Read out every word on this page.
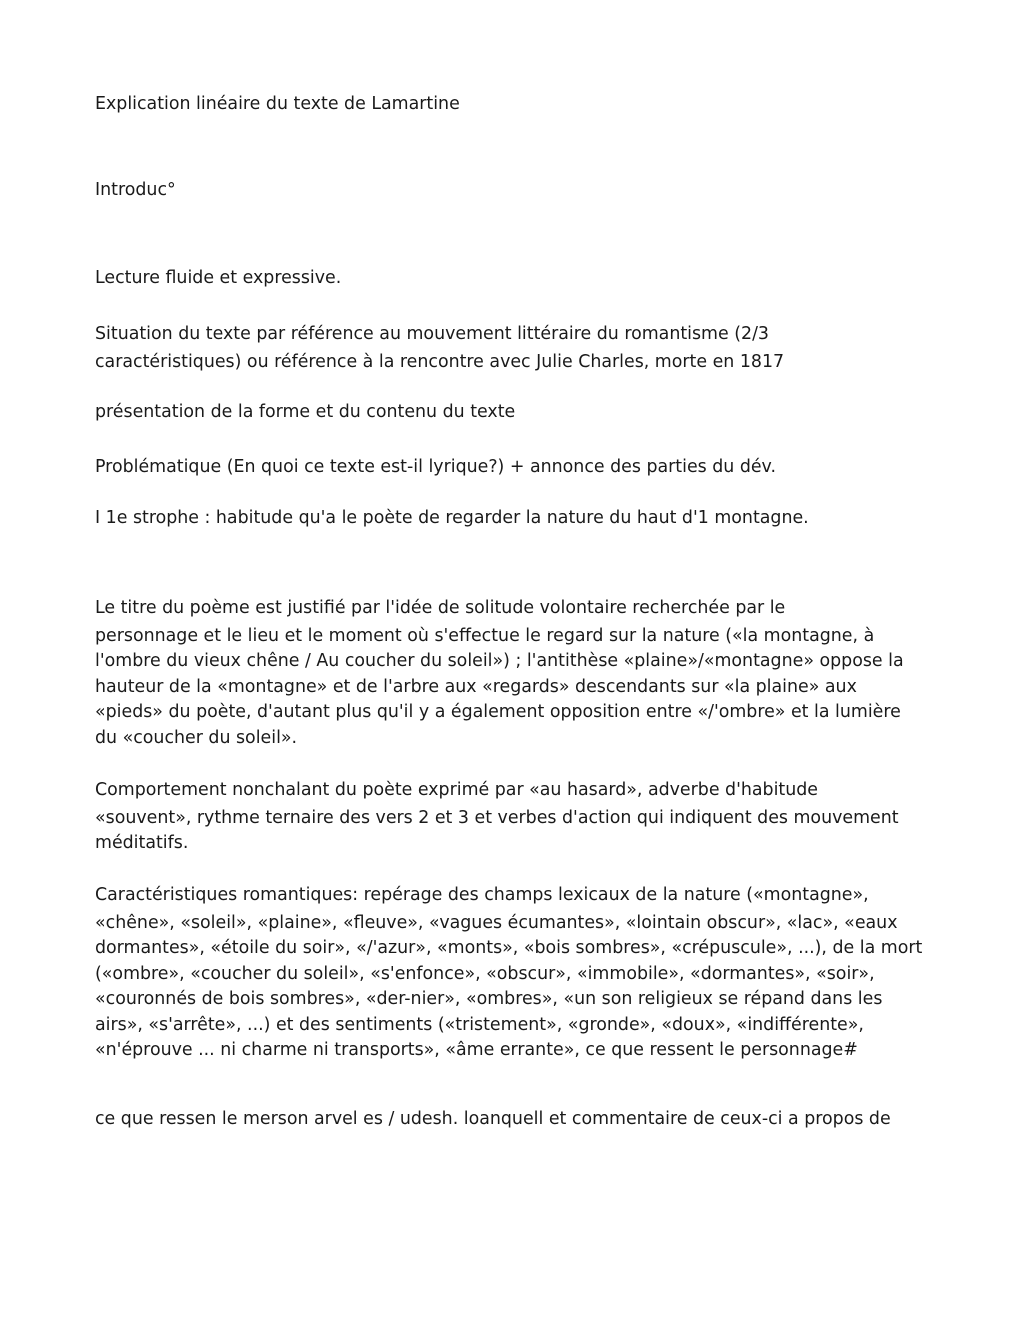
Explication linéaire du texte de Lamartine

Introduc°

Lecture fluide et expressive.

Situation du texte par référence au mouvement littéraire du romantisme (2/3
caractéristiques) ou référence à la rencontre avec Julie Charles, morte en 1817

présentation de la forme et du contenu du texte

Problématique (En quoi ce texte est-il lyrique?) + annonce des parties du dév.

I 1e strophe : habitude qu'a le poète de regarder la nature du haut d'1 montagne.

Le titre du poème est justifié par l'idée de solitude volontaire recherchée par le
personnage et le lieu et le moment où s'effectue le regard sur la nature («la montagne, à l'ombre du vieux chêne / Au coucher du soleil») ; l'antithèse «plaine»/«montagne» oppose la hauteur de la «montagne» et de l'arbre aux «regards» descendants sur «la plaine» aux «pieds» du poète, d'autant plus qu'il y a également opposition entre «/'ombre» et la lumière du «coucher du soleil».
Comportement nonchalant du poète exprimé par «au hasard», adverbe d'habitude
«souvent», rythme ternaire des vers 2 et 3 et verbes d'action qui indiquent des mouvement méditatifs.
Caractéristiques romantiques: repérage des champs lexicaux de la nature («montagne»,
«chêne», «soleil», «plaine», «fleuve», «vagues écumantes», «lointain obscur», «lac», «eaux dormantes», «étoile du soir», «/'azur», «monts», «bois sombres», «crépuscule», ...), de la mort («ombre», «coucher du soleil», «s'enfonce», «obscur», «immobile», «dormantes», «soir», «couronnés de bois sombres», «der-nier», «ombres», «un son religieux se répand dans les airs», «s'arrête», ...) et des sentiments («tristement», «gronde», «doux», «indifférente», «n'éprouve ... ni charme ni transports», «âme errante», ce que ressent le personnage#

ce que ressen le merson arvel es / udesh. loanquell et commentaire de ceux-ci a propos de
